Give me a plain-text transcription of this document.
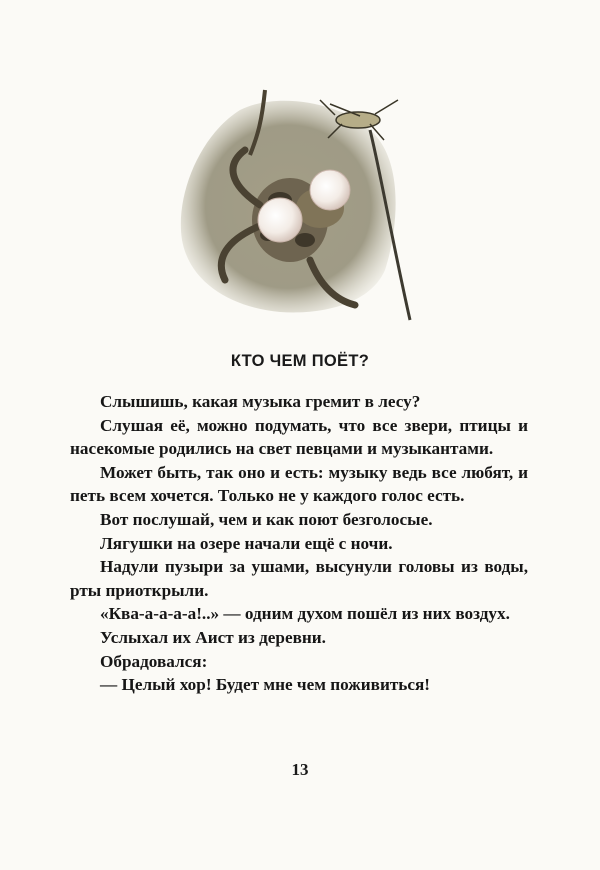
КТО ЧЕМ ПОЁТ?

Слышишь, какая музыка гремит в лесу?

Слушая её, можно подумать, что все звери, птицы и насекомые родились на свет певцами и музыкантами.

Может быть, так оно и есть: музыку ведь все любят, и петь всем хочется. Только не у каждого голос есть.

Вот послушай, чем и как поют безголосые.

Лягушки на озере начали ещё с ночи.

Надули пузыри за ушами, высунули головы из воды, рты приоткрыли.

«Ква-а-а-а-а!..» — одним духом пошёл из них воздух.

Услыхал их Аист из деревни.

Обрадовался:

— Целый хор! Будет мне чем поживиться!

13
